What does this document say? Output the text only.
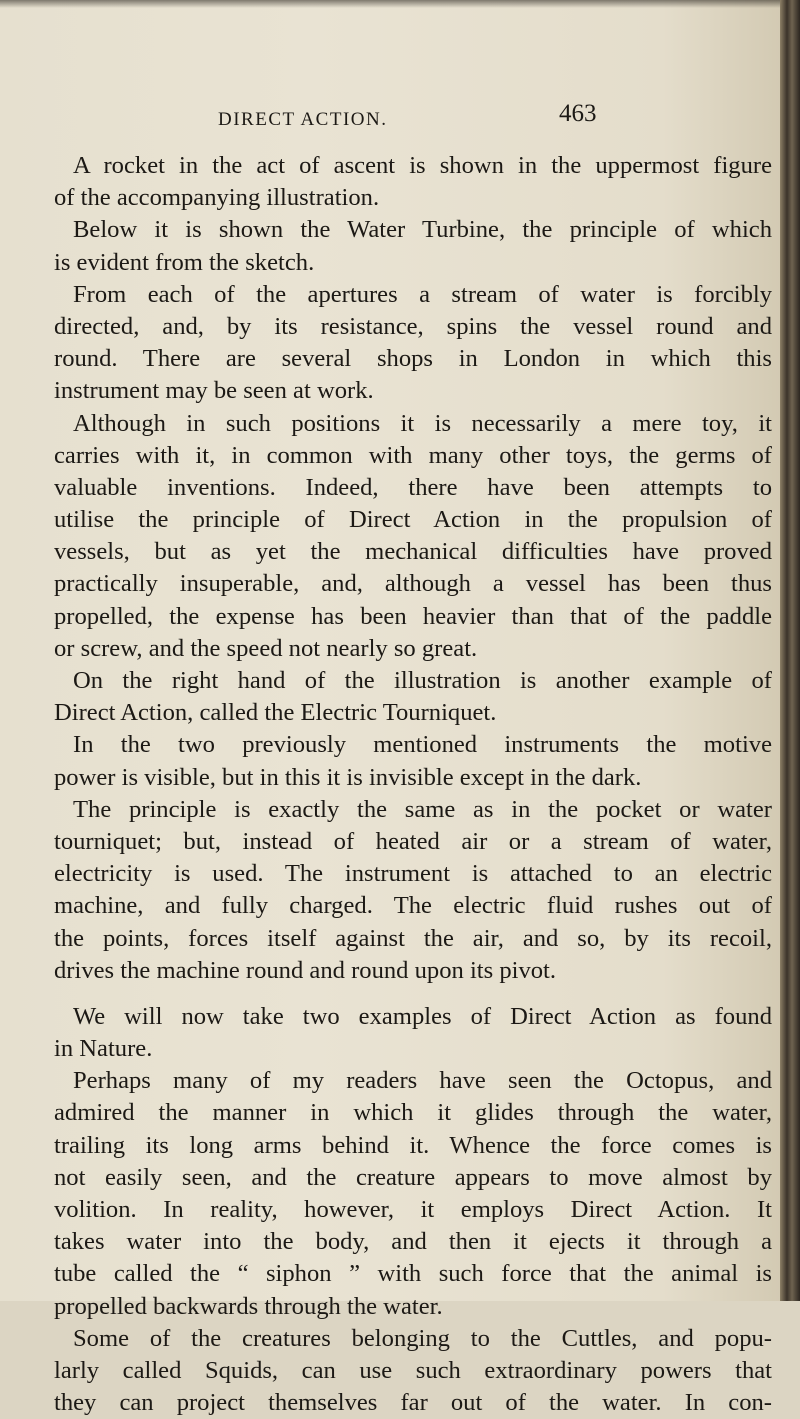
DIRECT ACTION.	463
A rocket in the act of ascent is shown in the uppermost figure
of the accompanying illustration.
Below it is shown the Water Turbine, the principle of which
is evident from the sketch.
From each of the apertures a stream of water is forcibly
directed, and, by its resistance, spins the vessel round and
round. There are several shops in London in which this
instrument may be seen at work.
Although in such positions it is necessarily a mere toy, it
carries with it, in common with many other toys, the germs of
valuable inventions. Indeed, there have been attempts to
utilise the principle of Direct Action in the propulsion of
vessels, but as yet the mechanical difficulties have proved
practically insuperable, and, although a vessel has been thus
propelled, the expense has been heavier than that of the paddle
or screw, and the speed not nearly so great.
On the right hand of the illustration is another example of
Direct Action, called the Electric Tourniquet.
In the two previously mentioned instruments the motive
power is visible, but in this it is invisible except in the dark.
The principle is exactly the same as in the pocket or water
tourniquet; but, instead of heated air or a stream of water,
electricity is used. The instrument is attached to an electric
machine, and fully charged. The electric fluid rushes out of
the points, forces itself against the air, and so, by its recoil,
drives the machine round and round upon its pivot.
We will now take two examples of Direct Action as found
in Nature.
Perhaps many of my readers have seen the Octopus, and
admired the manner in which it glides through the water,
trailing its long arms behind it. Whence the force comes is
not easily seen, and the creature appears to move almost by
volition. In reality, however, it employs Direct Action. It
takes water into the body, and then it ejects it through a
tube called the “ siphon ” with such force that the animal is
propelled backwards through the water.
Some of the creatures belonging to the Cuttles, and popu-
larly called Squids, can use such extraordinary powers that
they can project themselves far out of the water. In con-
